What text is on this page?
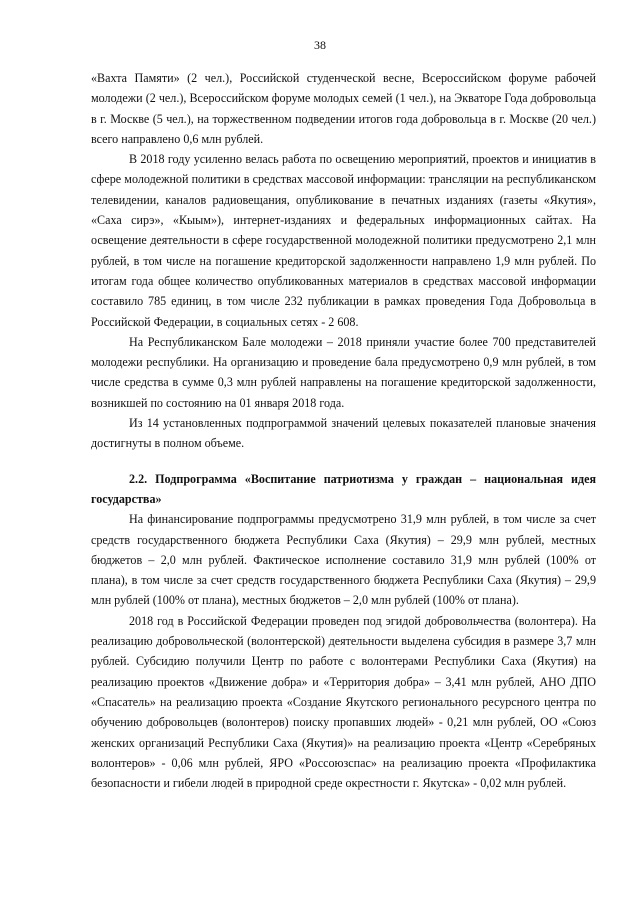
38

«Вахта Памяти» (2 чел.), Российской студенческой весне, Всероссийском форуме рабочей молодежи (2 чел.), Всероссийском форуме молодых семей (1 чел.), на Экваторе Года добровольца в г. Москве (5 чел.), на торжественном подведении итогов года добровольца в г. Москве (20 чел.) всего направлено 0,6 млн рублей.

В 2018 году усиленно велась работа по освещению мероприятий, проектов и инициатив в сфере молодежной политики в средствах массовой информации: трансляции на республиканском телевидении, каналов радиовещания, опубликование в печатных изданиях (газеты «Якутия», «Саха сирэ», «Кыым»), интернет-изданиях и федеральных информационных сайтах. На освещение деятельности в сфере государственной молодежной политики предусмотрено 2,1 млн рублей, в том числе на погашение кредиторской задолженности направлено 1,9 млн рублей. По итогам года общее количество опубликованных материалов в средствах массовой информации составило 785 единиц, в том числе 232 публикации в рамках проведения Года Добровольца в Российской Федерации, в социальных сетях - 2 608.

На Республиканском Бале молодежи – 2018 приняли участие более 700 представителей молодежи республики. На организацию и проведение бала предусмотрено 0,9 млн рублей, в том числе средства в сумме 0,3 млн рублей направлены на погашение кредиторской задолженности, возникшей по состоянию на 01 января 2018 года.

Из 14 установленных подпрограммой значений целевых показателей плановые значения достигнуты в полном объеме.

2.2. Подпрограмма «Воспитание патриотизма у граждан – национальная идея государства»

На финансирование подпрограммы предусмотрено 31,9 млн рублей, в том числе за счет средств государственного бюджета Республики Саха (Якутия) – 29,9 млн рублей, местных бюджетов – 2,0 млн рублей. Фактическое исполнение составило 31,9 млн рублей (100% от плана), в том числе за счет средств государственного бюджета Республики Саха (Якутия) – 29,9 млн рублей (100% от плана), местных бюджетов – 2,0 млн рублей (100% от плана).

2018 год в Российской Федерации проведен под эгидой добровольчества (волонтера). На реализацию добровольческой (волонтерской) деятельности выделена субсидия в размере 3,7 млн рублей. Субсидию получили Центр по работе с волонтерами Республики Саха (Якутия) на реализацию проектов «Движение добра» и «Территория добра» – 3,41 млн рублей, АНО ДПО «Спасатель» на реализацию проекта «Создание Якутского регионального ресурсного центра по обучению добровольцев (волонтеров) поиску пропавших людей» - 0,21 млн рублей, ОО «Союз женских организаций Республики Саха (Якутия)» на реализацию проекта «Центр «Серебряных волонтеров» - 0,06 млн рублей, ЯРО «Россоюзспас» на реализацию проекта «Профилактика безопасности и гибели людей в природной среде окрестности г. Якутска» - 0,02 млн рублей.
